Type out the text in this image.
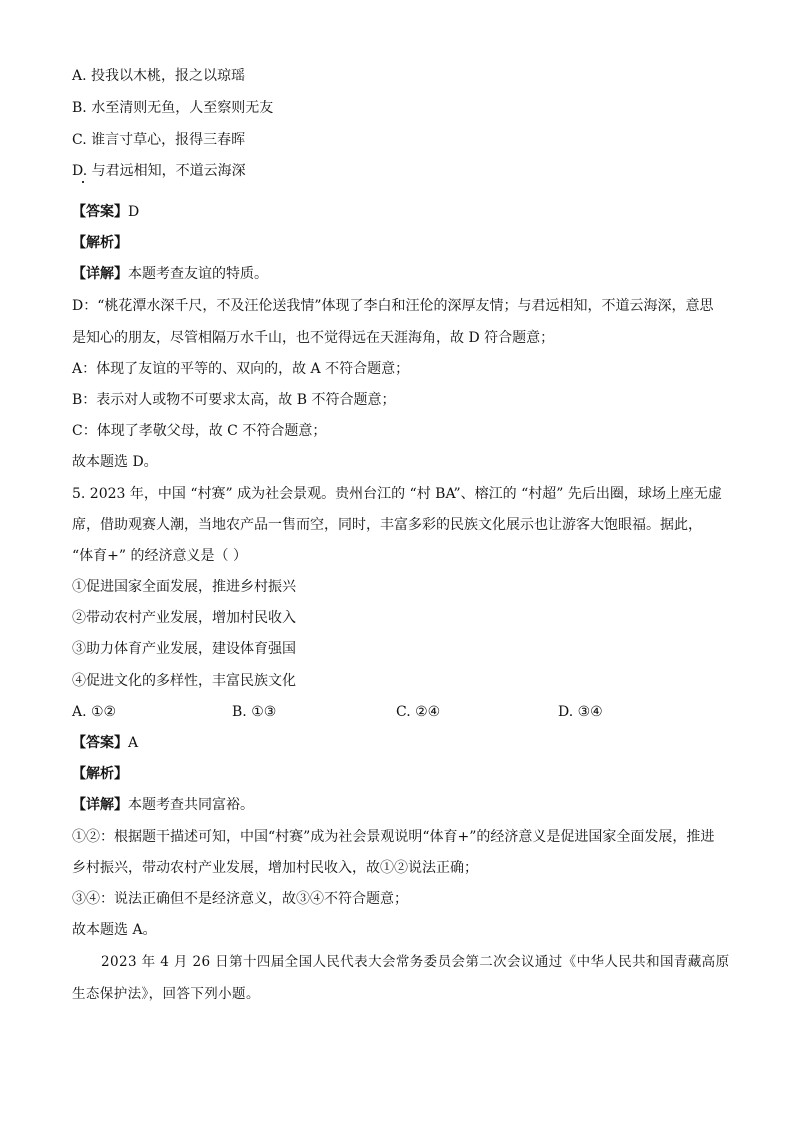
A. 投我以木桃，报之以琼瑶
B. 水至清则无鱼，人至察则无友
C. 谁言寸草心，报得三春晖
D. 与君远相知，不道云海深
【答案】D
【解析】
【详解】本题考查友谊的特质。
D：“桃花潭水深千尺，不及汪伦送我情”体现了李白和汪伦的深厚友情；与君远相知，不道云海深，意思
是知心的朋友，尽管相隔万水千山，也不觉得远在天涯海角，故 D 符合题意；
A：体现了友谊的平等的、双向的，故 A 不符合题意；
B：表示对人或物不可要求太高，故 B 不符合题意；
C：体现了孝敬父母，故 C 不符合题意；
故本题选 D。
5. 2023 年，中国 “村赛” 成为社会景观。贵州台江的 “村 BA”、榕江的 “村超” 先后出圈，球场上座无虚
席，借助观赛人潮，当地农产品一售而空，同时，丰富多彩的民族文化展示也让游客大饱眼福。据此，
“体育+” 的经济意义是（ ）
①促进国家全面发展，推进乡村振兴
②带动农村产业发展，增加村民收入
③助力体育产业发展，建设体育强国
④促进文化的多样性，丰富民族文化
A. ①②	B. ①③	C. ②④	D. ③④
【答案】A
【解析】
【详解】本题考查共同富裕。
①②：根据题干描述可知，中国“村赛”成为社会景观说明“体育+”的经济意义是促进国家全面发展，推进
乡村振兴，带动农村产业发展，增加村民收入，故①②说法正确；
③④：说法正确但不是经济意义，故③④不符合题意；
故本题选 A。
2023 年 4 月 26 日第十四届全国人民代表大会常务委员会第二次会议通过《中华人民共和国青藏高原
生态保护法》，回答下列小题。
